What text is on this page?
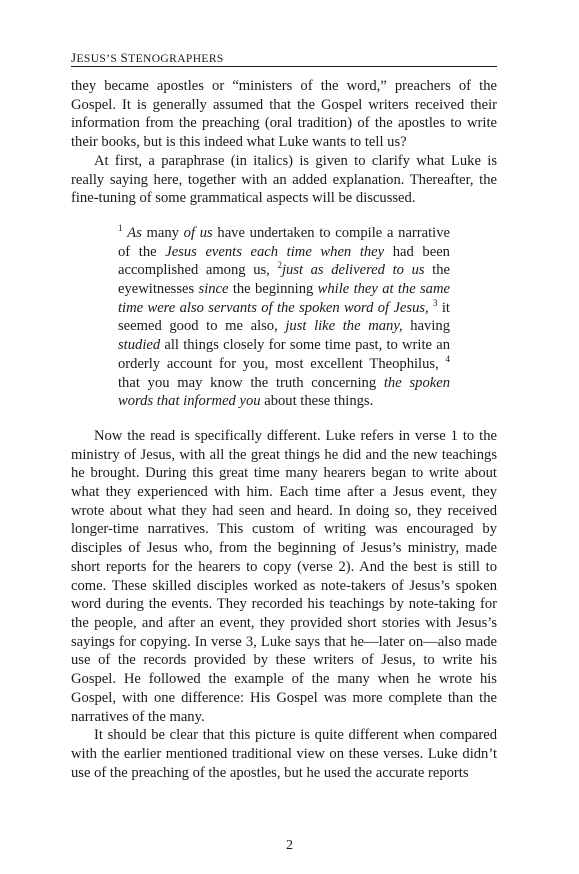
JESUS’S STENOGRAPHERS

they became apostles or “ministers of the word,” preachers of the Gospel. It is generally assumed that the Gospel writers received their information from the preaching (oral tradition) of the apostles to write their books, but is this indeed what Luke wants to tell us?

At first, a paraphrase (in italics) is given to clarify what Luke is really saying here, together with an added explanation. Thereafter, the fine-tuning of some grammatical aspects will be discussed.

$^1$ As many of us have undertaken to compile a narrative of the Jesus events each time when they had been accomplished among us, $^2$just as delivered to us the eyewitnesses since the beginning while they at the same time were also servants of the spoken word of Jesus, $^3$ it seemed good to me also, just like the many, having studied all things closely for some time past, to write an orderly account for you, most excellent Theophilus, $^4$ that you may know the truth concerning the spoken words that informed you about these things.

Now the read is specifically different. Luke refers in verse 1 to the ministry of Jesus, with all the great things he did and the new teachings he brought. During this great time many hearers began to write about what they experienced with him. Each time after a Jesus event, they wrote about what they had seen and heard. In doing so, they received longer-time narratives. This custom of writing was encouraged by disciples of Jesus who, from the beginning of Jesus’s ministry, made short reports for the hearers to copy (verse 2). And the best is still to come. These skilled disciples worked as note-takers of Jesus’s spoken word during the events. They recorded his teachings by note-taking for the people, and after an event, they provided short stories with Jesus’s sayings for copying. In verse 3, Luke says that he—later on—also made use of the records provided by these writers of Jesus, to write his Gospel. He followed the example of the many when he wrote his Gospel, with one difference: His Gospel was more complete than the narratives of the many.

It should be clear that this picture is quite different when compared with the earlier mentioned traditional view on these verses. Luke didn’t use of the preaching of the apostles, but he used the accurate reports

2
